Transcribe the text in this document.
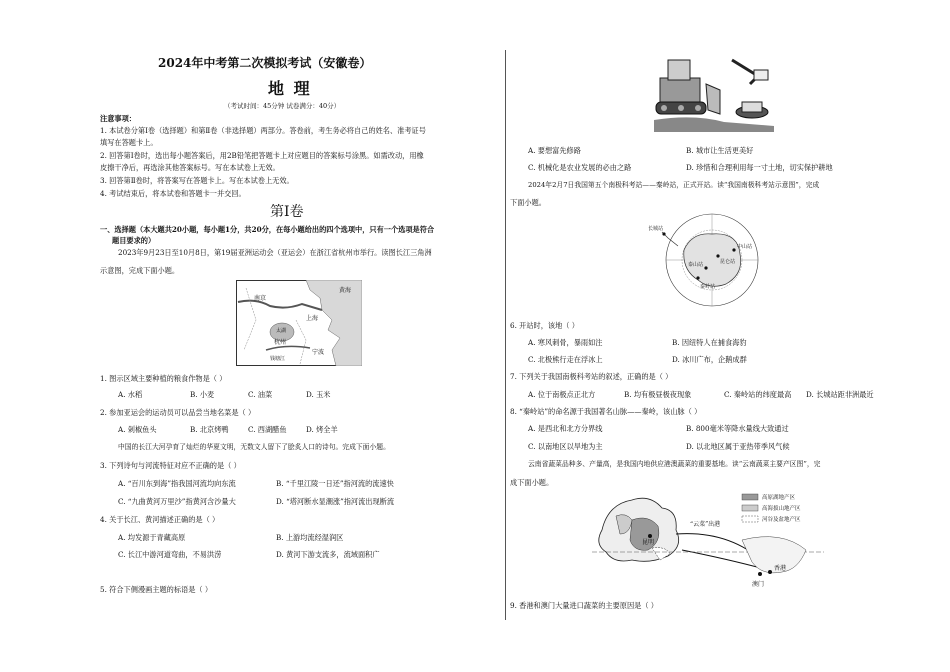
2024年中考第二次模拟考试（安徽卷）
地 理
（考试时间：45分钟 试卷满分：40分）
注意事项：
1. 本试卷分第Ⅰ卷（选择题）和第Ⅱ卷（非选择题）两部分。答卷前，考生务必将自己的姓名、准考证号
填写在答题卡上。
2. 回答第Ⅰ卷时，选出每小题答案后，用2B铅笔把答题卡上对应题目的答案标号涂黑。如需改动，用橡
皮擦干净后，再选涂其他答案标号。写在本试卷上无效。
3. 回答第Ⅱ卷时，将答案写在答题卡上。写在本试卷上无效。
4. 考试结束后，将本试卷和答题卡一并交回。
第Ⅰ卷
一、选择题（本大题共20小题，每小题1分，共20分，在每小题给出的四个选项中，只有一个选项是符合
题目要求的）
2023年9月23日至10月8日，第19届亚洲运动会（亚运会）在浙江省杭州市举行。读图长江三角洲
示意图，完成下面小题。
黄海
南京
上海
杭州
宁波
钱塘江
太湖
1. 图示区域主要种植的粮食作物是（ ）
A. 水稻	B. 小麦	C. 油菜	D. 玉米
2. 参加亚运会的运动员可以品尝当地名菜是（ ）
A. 剁椒鱼头	B. 北京烤鸭	C. 西湖醋鱼	D. 烤全羊
中国的长江大河孕育了灿烂的华夏文明，无数文人留下了脍炙人口的诗句。完成下面小题。
3. 下列诗句与河流特征对应不正确的是（ ）
A. “百川东到海”指我国河流均向东流	B. “千里江陵一日还”指河流的流速快
C. “九曲黄河万里沙”指黄河含沙量大	D. “塔河断水显潮涨”指河流出现断流
4. 关于长江、黄河描述正确的是（ ）
A. 均发源于青藏高原	B. 上游均流经湿润区
C. 长江中游河道弯曲，不易洪涝	D. 黄河下游支流多，流域面积广
5. 符合下侧漫画主题的标语是（ ）
A. 要想富先修路	B. 城市让生活更美好
C. 机械化是农业发展的必由之路	D. 珍惜和合理利用每一寸土地，切实保护耕地
2024年2月7日我国第五个南极科考站——秦岭站，正式开站。读“我国南极科考站示意图”，完成
下面小题。
长城站
中山站
昆仑站
泰山站
秦岭站
6. 开站时，该地（ ）
A. 寒风刺骨，暴雨如注	B. 因纽特人在捕食海豹
C. 北极熊行走在浮冰上	D. 冰川广布，企鹅成群
7. 下列关于我国南极科考站的叙述，正确的是（ ）
A. 位于南极点正北方	B. 均有极昼极夜现象	C. 秦岭站的纬度最高 D. 长城站距非洲最近
8. “秦岭站”的命名源于我国著名山脉——秦岭，该山脉（ ）
A. 是西北和北方分界线	B. 800毫米等降水量线大致通过
C. 以南地区以旱地为主	D. 以北地区属于亚热带季风气候
云南省蔬菜品种多、产量高，是我国内地供应港澳蔬菜的重要基地。读“云南蔬菜主要产区图”，完
成下面小题。
昆明
“云菜”出港
香港
澳门
高原湖地产区
高海拔山地产区
河谷及盆地产区
9. 香港和澳门大量进口蔬菜的主要原因是（ ）
